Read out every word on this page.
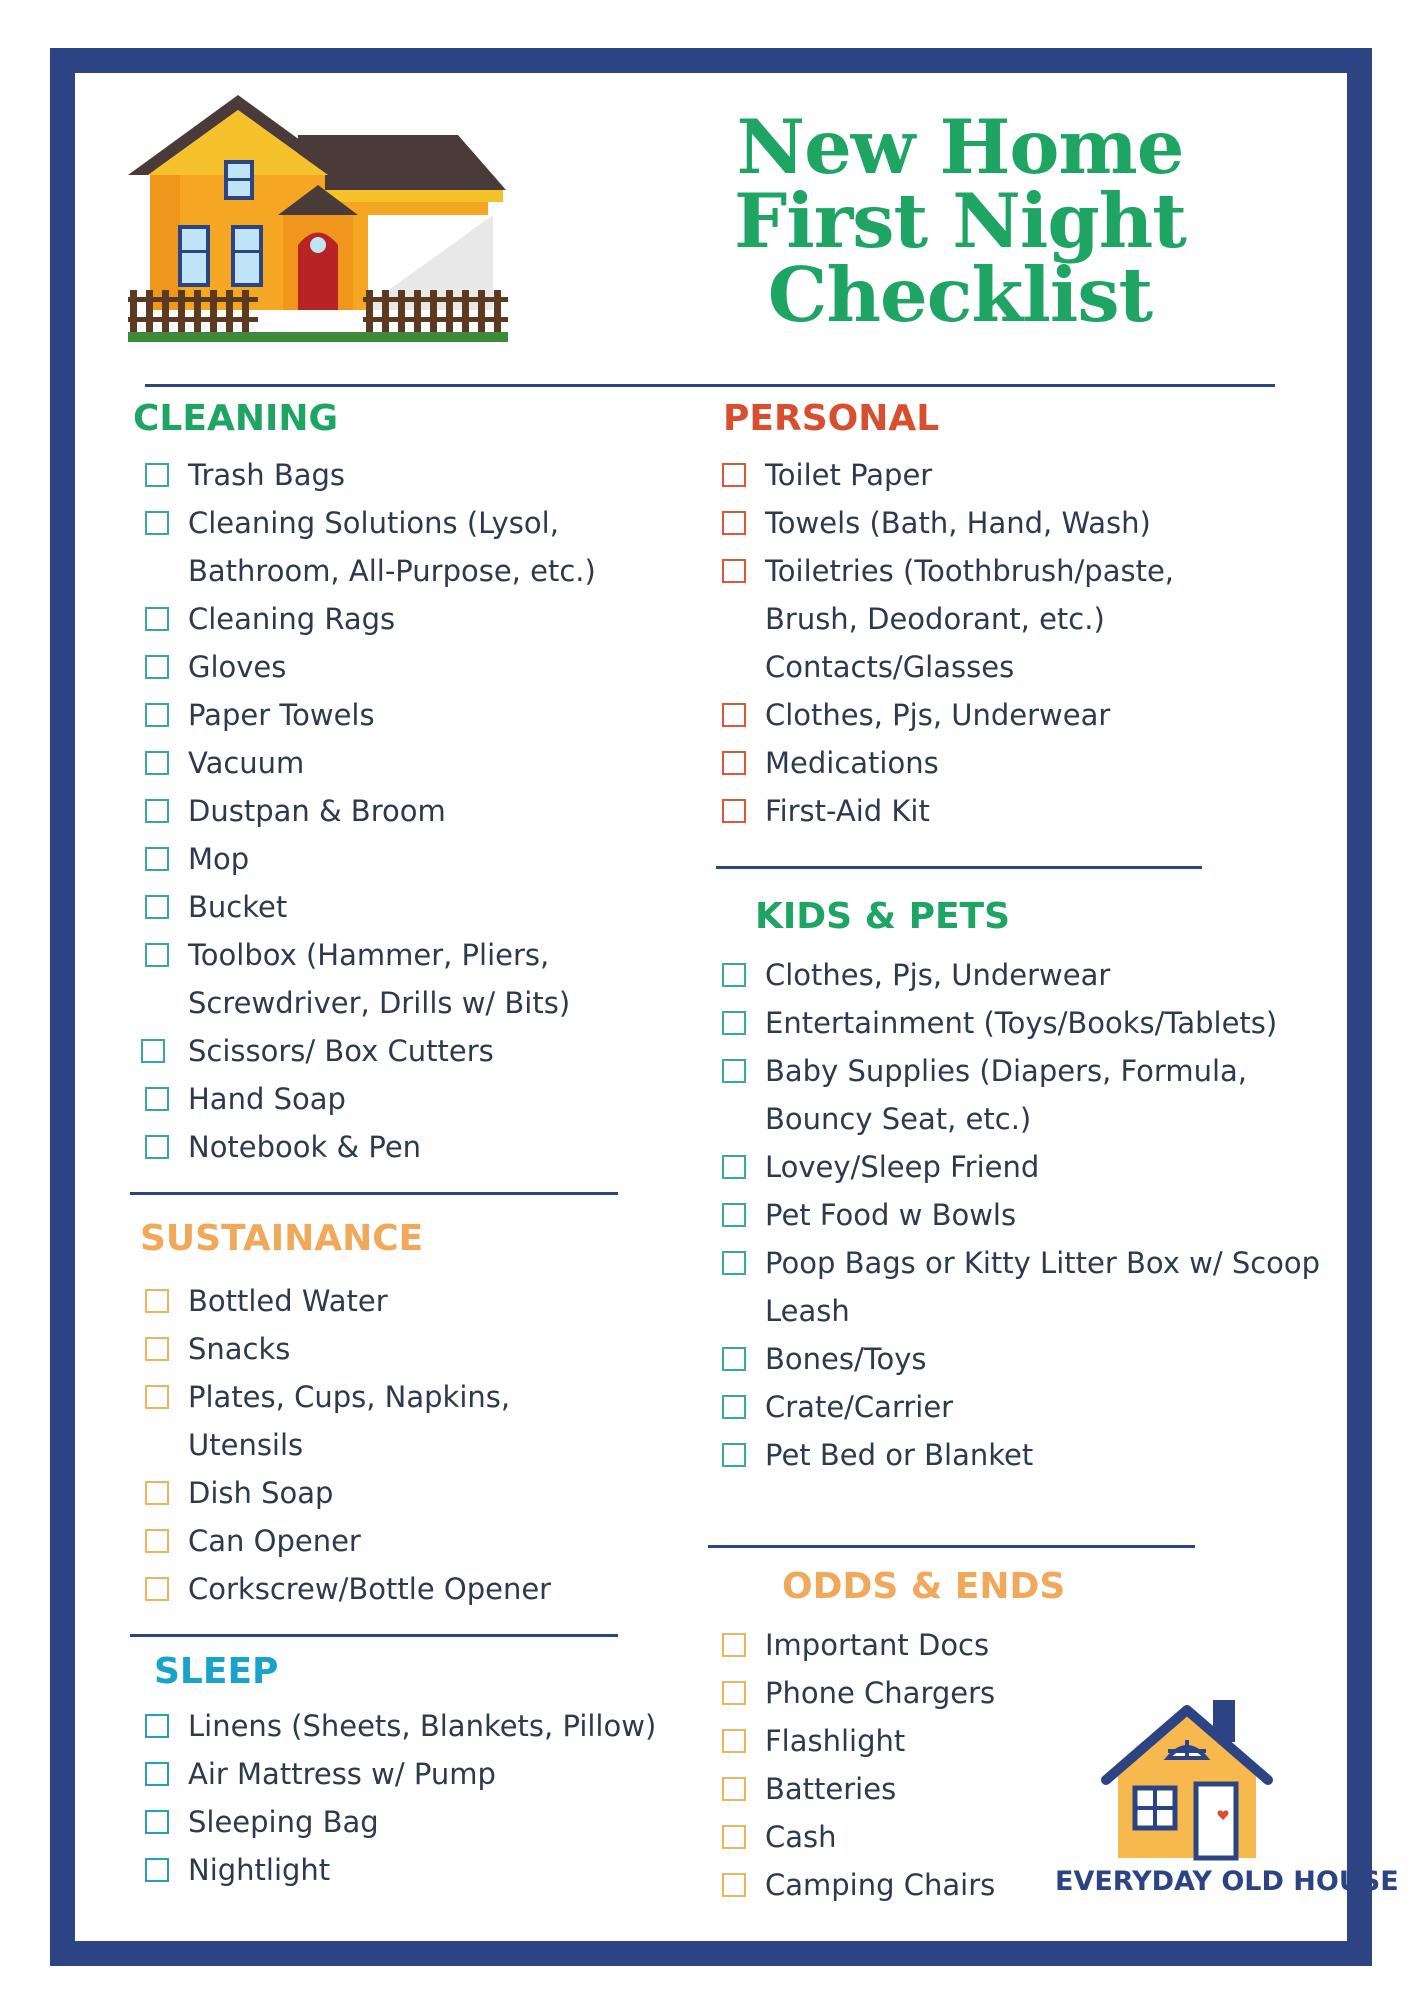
New Home
First Night
Checklist
CLEANING
Trash Bags
Cleaning Solutions (Lysol,
Bathroom, All-Purpose, etc.)
Cleaning Rags
Gloves
Paper Towels
Vacuum
Dustpan & Broom
Mop
Bucket
Toolbox (Hammer, Pliers,
Screwdriver, Drills w/ Bits)
Scissors/ Box Cutters
Hand Soap
Notebook & Pen
SUSTAINANCE
Bottled Water
Snacks
Plates, Cups, Napkins,
Utensils
Dish Soap
Can Opener
Corkscrew/Bottle Opener
SLEEP
Linens (Sheets, Blankets, Pillow)
Air Mattress w/ Pump
Sleeping Bag
Nightlight
PERSONAL
Toilet Paper
Towels (Bath, Hand, Wash)
Toiletries (Toothbrush/paste,
Brush, Deodorant, etc.)
Contacts/Glasses
Clothes, Pjs, Underwear
Medications
First-Aid Kit
KIDS & PETS
Clothes, Pjs, Underwear
Entertainment (Toys/Books/Tablets)
Baby Supplies (Diapers, Formula,
Bouncy Seat, etc.)
Lovey/Sleep Friend
Pet Food w Bowls
Poop Bags or Kitty Litter Box w/ Scoop
Leash
Bones/Toys
Crate/Carrier
Pet Bed or Blanket
ODDS & ENDS
Important Docs
Phone Chargers
Flashlight
Batteries
Cash
Camping Chairs EVERYDAY OLD HOUSE
